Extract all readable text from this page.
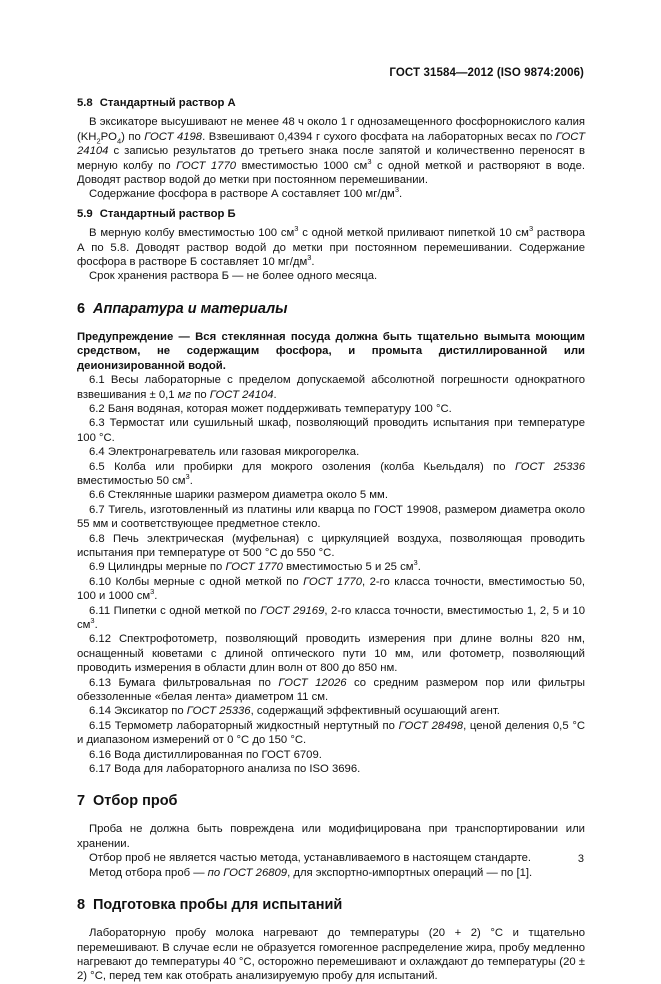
ГОСТ 31584—2012 (ISO 9874:2006)

5.8 Стандартный раствор А

В эксикаторе высушивают не менее 48 ч около 1 г однозамещенного фосфорнокислого калия $(KH_2PO_4)$ по ГОСТ 4198. Взвешивают 0,4394 г сухого фосфата на лабораторных весах по ГОСТ 24104 с записью результатов до третьего знака после запятой и количественно переносят в мерную колбу по ГОСТ 1770 вместимостью 1000 $см^3$ с одной меткой и растворяют в воде. Доводят раствор водой до метки при постоянном перемешивании.

Содержание фосфора в растворе А составляет 100 $мг/дм^3$.

5.9 Стандартный раствор Б

В мерную колбу вместимостью 100 $см^3$ с одной меткой приливают пипеткой 10 $см^3$ раствора А по 5.8. Доводят раствор водой до метки при постоянном перемешивании. Содержание фосфора в растворе Б составляет 10 $мг/дм^3$.

Срок хранения раствора Б — не более одного месяца.

6 Аппаратура и материалы

Предупреждение — Вся стеклянная посуда должна быть тщательно вымыта моющим средством, не содержащим фосфора, и промыта дистиллированной или деионизированной водой.

6.1 Весы лабораторные с пределом допускаемой абсолютной погрешности однократного взвешивания ± 0,1 мг по ГОСТ 24104.

6.2 Баня водяная, которая может поддерживать температуру 100 °С.

6.3 Термостат или сушильный шкаф, позволяющий проводить испытания при температуре 100 °С.

6.4 Электронагреватель или газовая микрогорелка.

6.5 Колба или пробирки для мокрого озоления (колба Кьельдаля) по ГОСТ 25336 вместимостью 50 $см^3$.

6.6 Стеклянные шарики размером диаметра около 5 мм.

6.7 Тигель, изготовленный из платины или кварца по ГОСТ 19908, размером диаметра около 55 мм и соответствующее предметное стекло.

6.8 Печь электрическая (муфельная) с циркуляцией воздуха, позволяющая проводить испытания при температуре от 500 °С до 550 °С.

6.9 Цилиндры мерные по ГОСТ 1770 вместимостью 5 и 25 $см^3$.

6.10 Колбы мерные с одной меткой по ГОСТ 1770, 2-го класса точности, вместимостью 50, 100 и 1000 $см^3$.

6.11 Пипетки с одной меткой по ГОСТ 29169, 2-го класса точности, вместимостью 1, 2, 5 и 10 $см^3$.

6.12 Спектрофотометр, позволяющий проводить измерения при длине волны 820 нм, оснащенный кюветами с длиной оптического пути 10 мм, или фотометр, позволяющий проводить измерения в области длин волн от 800 до 850 нм.

6.13 Бумага фильтровальная по ГОСТ 12026 со средним размером пор или фильтры обеззоленные «белая лента» диаметром 11 см.

6.14 Эксикатор по ГОСТ 25336, содержащий эффективный осушающий агент.

6.15 Термометр лабораторный жидкостный нертутный по ГОСТ 28498, ценой деления 0,5 °С и диапазоном измерений от 0 °С до 150 °С.

6.16 Вода дистиллированная по ГОСТ 6709.

6.17 Вода для лабораторного анализа по ISO 3696.

7 Отбор проб

Проба не должна быть повреждена или модифицирована при транспортировании или хранении.

Отбор проб не является частью метода, устанавливаемого в настоящем стандарте.

Метод отбора проб — по ГОСТ 26809, для экспортно-импортных операций — по [1].

8 Подготовка пробы для испытаний

Лабораторную пробу молока нагревают до температуры (20 + 2) °С и тщательно перемешивают. В случае если не образуется гомогенное распределение жира, пробу медленно нагревают до температуры 40 °С, осторожно перемешивают и охлаждают до температуры (20 ± 2) °С, перед тем как отобрать анализируемую пробу для испытаний.

3
